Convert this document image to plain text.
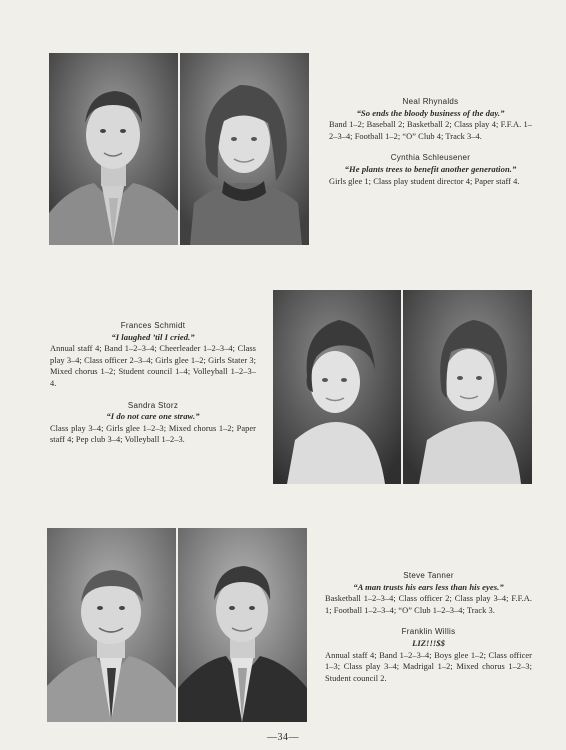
Neal Rhynalds
“So ends the bloody business of the day.”
Band 1–2; Baseball 2; Basketball 2; Class play 4; F.F.A. 1–2–3–4; Football 1–2; “O” Club 4; Track 3–4.
Cynthia Schleusener
“He plants trees to benefit another generation.”
Girls glee 1; Class play student director 4; Paper staff 4.
Frances Schmidt
“I laughed ’til I cried.”
Annual staff 4; Band 1–2–3–4; Cheerleader 1–2–3–4; Class play 3–4; Class officer 2–3–4; Girls glee 1–2; Girls Stater 3; Mixed chorus 1–2; Student council 1–4; Volleyball 1–2–3–4.
Sandra Storz
“I do not care one straw.”
Class play 3–4; Girls glee 1–2–3; Mixed chorus 1–2; Paper staff 4; Pep club 3–4; Volleyball 1–2–3.
Steve Tanner
“A man trusts his ears less than his eyes.”
Basketball 1–2–3–4; Class officer 2; Class play 3–4; F.F.A. 1; Football 1–2–3–4; “O” Club 1–2–3–4; Track 3.
Franklin Willis
LIZ!!!$$
Annual staff 4; Band 1–2–3–4; Boys glee 1–2; Class officer 1–3; Class play 3–4; Madrigal 1–2; Mixed chorus 1–2–3; Student council 2.
—34—
